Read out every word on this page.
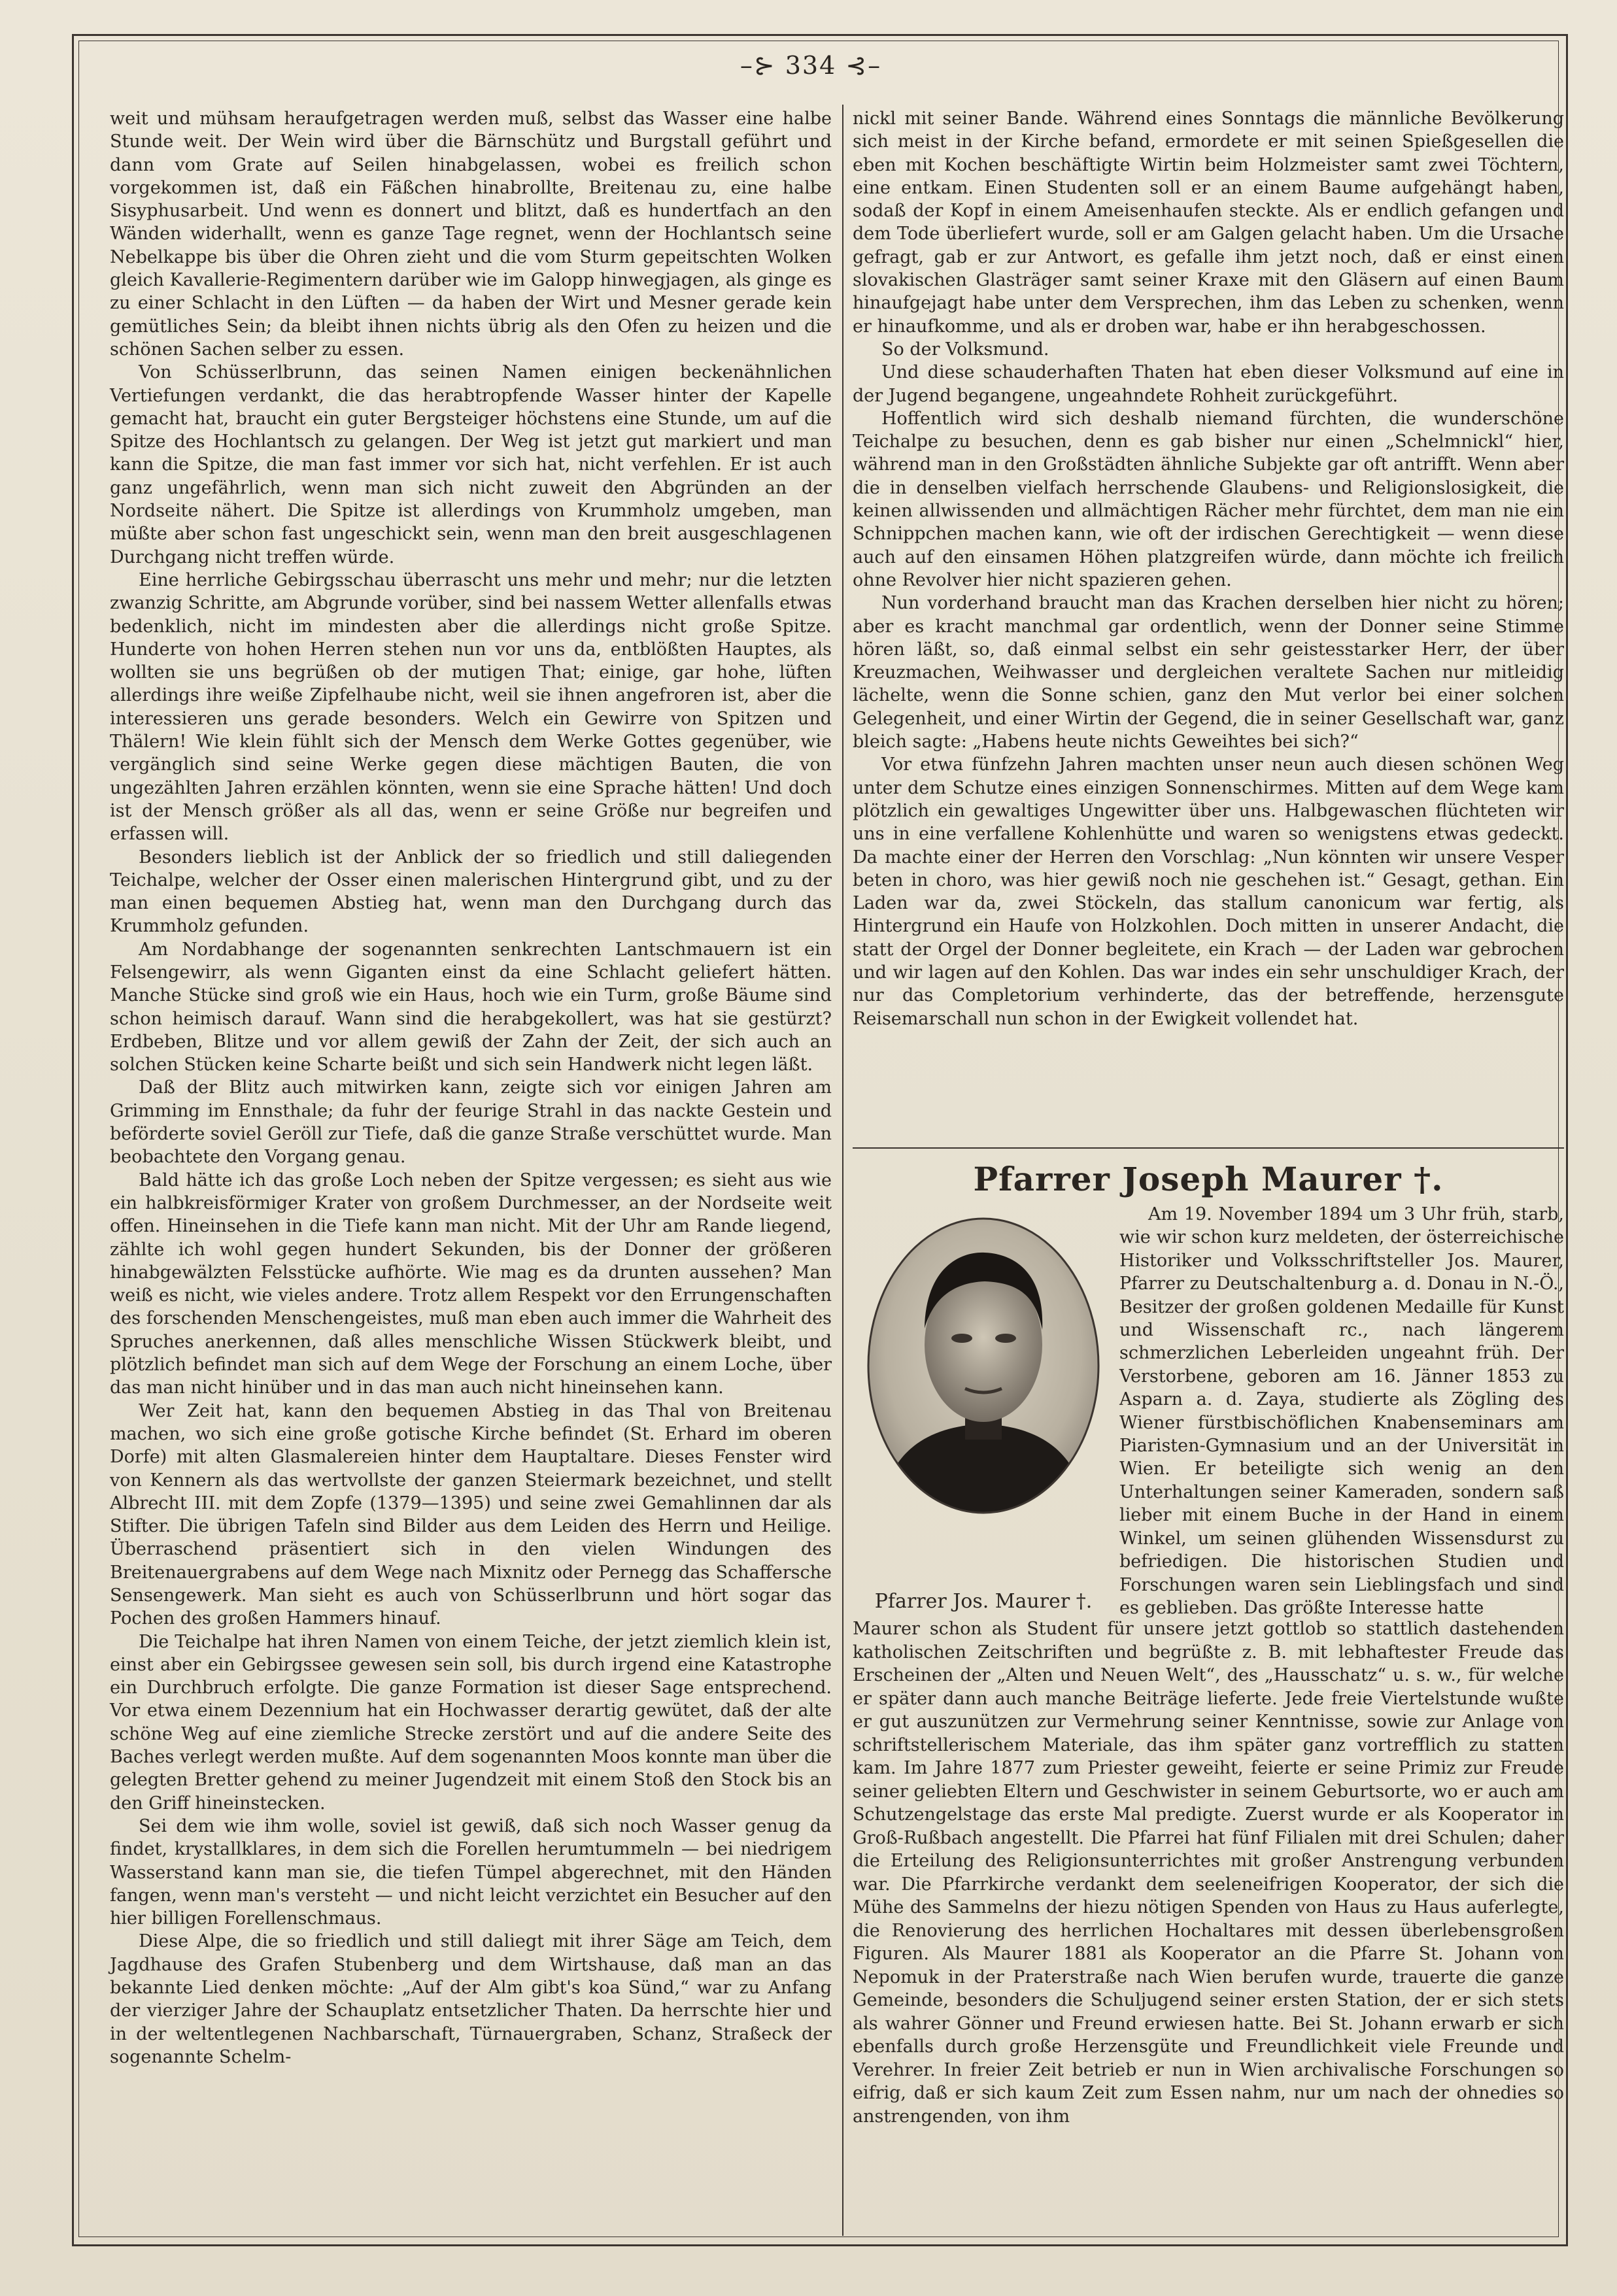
–⊱ 334 ⊰–

weit und mühsam heraufgetragen werden muß, selbst das Wasser eine halbe Stunde weit. Der Wein wird über die Bärnschütz und Burgstall geführt und dann vom Grate auf Seilen hinabgelassen, wobei es freilich schon vorgekommen ist, daß ein Fäßchen hinabrollte, Breitenau zu, eine halbe Sisyphusarbeit. Und wenn es donnert und blitzt, daß es hundertfach an den Wänden widerhallt, wenn es ganze Tage regnet, wenn der Hochlantsch seine Nebelkappe bis über die Ohren zieht und die vom Sturm gepeitschten Wolken gleich Kavallerie-Regimentern darüber wie im Galopp hinwegjagen, als ginge es zu einer Schlacht in den Lüften — da haben der Wirt und Mesner gerade kein gemütliches Sein; da bleibt ihnen nichts übrig als den Ofen zu heizen und die schönen Sachen selber zu essen.

Von Schüsserlbrunn, das seinen Namen einigen beckenähnlichen Vertiefungen verdankt, die das herabtropfende Wasser hinter der Kapelle gemacht hat, braucht ein guter Bergsteiger höchstens eine Stunde, um auf die Spitze des Hochlantsch zu gelangen. Der Weg ist jetzt gut markiert und man kann die Spitze, die man fast immer vor sich hat, nicht verfehlen. Er ist auch ganz ungefährlich, wenn man sich nicht zuweit den Abgründen an der Nordseite nähert. Die Spitze ist allerdings von Krummholz umgeben, man müßte aber schon fast ungeschickt sein, wenn man den breit ausgeschlagenen Durchgang nicht treffen würde.

Eine herrliche Gebirgsschau überrascht uns mehr und mehr; nur die letzten zwanzig Schritte, am Abgrunde vorüber, sind bei nassem Wetter allenfalls etwas bedenklich, nicht im mindesten aber die allerdings nicht große Spitze. Hunderte von hohen Herren stehen nun vor uns da, entblößten Hauptes, als wollten sie uns begrüßen ob der mutigen That; einige, gar hohe, lüften allerdings ihre weiße Zipfelhaube nicht, weil sie ihnen angefroren ist, aber die interessieren uns gerade besonders. Welch ein Gewirre von Spitzen und Thälern! Wie klein fühlt sich der Mensch dem Werke Gottes gegenüber, wie vergänglich sind seine Werke gegen diese mächtigen Bauten, die von ungezählten Jahren erzählen könnten, wenn sie eine Sprache hätten! Und doch ist der Mensch größer als all das, wenn er seine Größe nur begreifen und erfassen will.

Besonders lieblich ist der Anblick der so friedlich und still daliegenden Teichalpe, welcher der Osser einen malerischen Hintergrund gibt, und zu der man einen bequemen Abstieg hat, wenn man den Durchgang durch das Krummholz gefunden.

Am Nordabhange der sogenannten senkrechten Lantschmauern ist ein Felsengewirr, als wenn Giganten einst da eine Schlacht geliefert hätten. Manche Stücke sind groß wie ein Haus, hoch wie ein Turm, große Bäume sind schon heimisch darauf. Wann sind die herabgekollert, was hat sie gestürzt? Erdbeben, Blitze und vor allem gewiß der Zahn der Zeit, der sich auch an solchen Stücken keine Scharte beißt und sich sein Handwerk nicht legen läßt.

Daß der Blitz auch mitwirken kann, zeigte sich vor einigen Jahren am Grimming im Ennsthale; da fuhr der feurige Strahl in das nackte Gestein und beförderte soviel Geröll zur Tiefe, daß die ganze Straße verschüttet wurde. Man beobachtete den Vorgang genau.

Bald hätte ich das große Loch neben der Spitze vergessen; es sieht aus wie ein halbkreisförmiger Krater von großem Durchmesser, an der Nordseite weit offen. Hineinsehen in die Tiefe kann man nicht. Mit der Uhr am Rande liegend, zählte ich wohl gegen hundert Sekunden, bis der Donner der größeren hinabgewälzten Felsstücke aufhörte. Wie mag es da drunten aussehen? Man weiß es nicht, wie vieles andere. Trotz allem Respekt vor den Errungenschaften des forschenden Menschengeistes, muß man eben auch immer die Wahrheit des Spruches anerkennen, daß alles menschliche Wissen Stückwerk bleibt, und plötzlich befindet man sich auf dem Wege der Forschung an einem Loche, über das man nicht hinüber und in das man auch nicht hineinsehen kann.

Wer Zeit hat, kann den bequemen Abstieg in das Thal von Breitenau machen, wo sich eine große gotische Kirche befindet (St. Erhard im oberen Dorfe) mit alten Glasmalereien hinter dem Hauptaltare. Dieses Fenster wird von Kennern als das wertvollste der ganzen Steiermark bezeichnet, und stellt Albrecht III. mit dem Zopfe (1379—1395) und seine zwei Gemahlinnen dar als Stifter. Die übrigen Tafeln sind Bilder aus dem Leiden des Herrn und Heilige. Überraschend präsentiert sich in den vielen Windungen des Breitenauergrabens auf dem Wege nach Mixnitz oder Pernegg das Schaffersche Sensengewerk. Man sieht es auch von Schüsserlbrunn und hört sogar das Pochen des großen Hammers hinauf.

Die Teichalpe hat ihren Namen von einem Teiche, der jetzt ziemlich klein ist, einst aber ein Gebirgssee gewesen sein soll, bis durch irgend eine Katastrophe ein Durchbruch erfolgte. Die ganze Formation ist dieser Sage entsprechend. Vor etwa einem Dezennium hat ein Hochwasser derartig gewütet, daß der alte schöne Weg auf eine ziemliche Strecke zerstört und auf die andere Seite des Baches verlegt werden mußte. Auf dem sogenannten Moos konnte man über die gelegten Bretter gehend zu meiner Jugendzeit mit einem Stoß den Stock bis an den Griff hineinstecken.

Sei dem wie ihm wolle, soviel ist gewiß, daß sich noch Wasser genug da findet, krystallklares, in dem sich die Forellen herumtummeln — bei niedrigem Wasserstand kann man sie, die tiefen Tümpel abgerechnet, mit den Händen fangen, wenn man's versteht — und nicht leicht verzichtet ein Besucher auf den hier billigen Forellenschmaus.

Diese Alpe, die so friedlich und still daliegt mit ihrer Säge am Teich, dem Jagdhause des Grafen Stubenberg und dem Wirtshause, daß man an das bekannte Lied denken möchte: „Auf der Alm gibt's koa Sünd,“ war zu Anfang der vierziger Jahre der Schauplatz entsetzlicher Thaten. Da herrschte hier und in der weltentlegenen Nachbarschaft, Türnauergraben, Schanz, Straßeck der sogenannte Schelm-

nickl mit seiner Bande. Während eines Sonntags die männliche Bevölkerung sich meist in der Kirche befand, ermordete er mit seinen Spießgesellen die eben mit Kochen beschäftigte Wirtin beim Holzmeister samt zwei Töchtern, eine entkam. Einen Studenten soll er an einem Baume aufgehängt haben, sodaß der Kopf in einem Ameisenhaufen steckte. Als er endlich gefangen und dem Tode überliefert wurde, soll er am Galgen gelacht haben. Um die Ursache gefragt, gab er zur Antwort, es gefalle ihm jetzt noch, daß er einst einen slovakischen Glasträger samt seiner Kraxe mit den Gläsern auf einen Baum hinaufgejagt habe unter dem Versprechen, ihm das Leben zu schenken, wenn er hinaufkomme, und als er droben war, habe er ihn herabgeschossen.

So der Volksmund.

Und diese schauderhaften Thaten hat eben dieser Volksmund auf eine in der Jugend begangene, ungeahndete Rohheit zurückgeführt.

Hoffentlich wird sich deshalb niemand fürchten, die wunderschöne Teichalpe zu besuchen, denn es gab bisher nur einen „Schelmnickl“ hier, während man in den Großstädten ähnliche Subjekte gar oft antrifft. Wenn aber die in denselben vielfach herrschende Glaubens- und Religionslosigkeit, die keinen allwissenden und allmächtigen Rächer mehr fürchtet, dem man nie ein Schnippchen machen kann, wie oft der irdischen Gerechtigkeit — wenn diese auch auf den einsamen Höhen platzgreifen würde, dann möchte ich freilich ohne Revolver hier nicht spazieren gehen.

Nun vorderhand braucht man das Krachen derselben hier nicht zu hören; aber es kracht manchmal gar ordentlich, wenn der Donner seine Stimme hören läßt, so, daß einmal selbst ein sehr geistesstarker Herr, der über Kreuzmachen, Weihwasser und dergleichen veraltete Sachen nur mitleidig lächelte, wenn die Sonne schien, ganz den Mut verlor bei einer solchen Gelegenheit, und einer Wirtin der Gegend, die in seiner Gesellschaft war, ganz bleich sagte: „Habens heute nichts Geweihtes bei sich?“

Vor etwa fünfzehn Jahren machten unser neun auch diesen schönen Weg unter dem Schutze eines einzigen Sonnenschirmes. Mitten auf dem Wege kam plötzlich ein gewaltiges Ungewitter über uns. Halbgewaschen flüchteten wir uns in eine verfallene Kohlenhütte und waren so wenigstens etwas gedeckt. Da machte einer der Herren den Vorschlag: „Nun könnten wir unsere Vesper beten in choro, was hier gewiß noch nie geschehen ist.“ Gesagt, gethan. Ein Laden war da, zwei Stöckeln, das stallum canonicum war fertig, als Hintergrund ein Haufe von Holzkohlen. Doch mitten in unserer Andacht, die statt der Orgel der Donner begleitete, ein Krach — der Laden war gebrochen und wir lagen auf den Kohlen. Das war indes ein sehr unschuldiger Krach, der nur das Completorium verhinderte, das der betreffende, herzensgute Reisemarschall nun schon in der Ewigkeit vollendet hat.

Pfarrer Joseph Maurer †.
Pfarrer Jos. Maurer †.

Am 19. November 1894 um 3 Uhr früh, starb, wie wir schon kurz meldeten, der österreichische Historiker und Volksschriftsteller Jos. Maurer, Pfarrer zu Deutschaltenburg a. d. Donau in N.-Ö., Besitzer der großen goldenen Medaille für Kunst und Wissenschaft rc., nach längerem schmerzlichen Leberleiden ungeahnt früh. Der Verstorbene, geboren am 16. Jänner 1853 zu Asparn a. d. Zaya, studierte als Zögling des Wiener fürstbischöflichen Knabenseminars am Piaristen-Gymnasium und an der Universität in Wien. Er beteiligte sich wenig an den Unterhaltungen seiner Kameraden, sondern saß lieber mit einem Buche in der Hand in einem Winkel, um seinen glühenden Wissensdurst zu befriedigen. Die historischen Studien und Forschungen waren sein Lieblingsfach und sind es geblieben. Das größte Interesse hatte

Maurer schon als Student für unsere jetzt gottlob so stattlich dastehenden katholischen Zeitschriften und begrüßte z. B. mit lebhaftester Freude das Erscheinen der „Alten und Neuen Welt“, des „Hausschatz“ u. s. w., für welche er später dann auch manche Beiträge lieferte. Jede freie Viertelstunde wußte er gut auszunützen zur Vermehrung seiner Kenntnisse, sowie zur Anlage von schriftstellerischem Materiale, das ihm später ganz vortrefflich zu statten kam. Im Jahre 1877 zum Priester geweiht, feierte er seine Primiz zur Freude seiner geliebten Eltern und Geschwister in seinem Geburtsorte, wo er auch am Schutzengelstage das erste Mal predigte. Zuerst wurde er als Kooperator in Groß-Rußbach angestellt. Die Pfarrei hat fünf Filialen mit drei Schulen; daher die Erteilung des Religionsunterrichtes mit großer Anstrengung verbunden war. Die Pfarrkirche verdankt dem seeleneifrigen Kooperator, der sich die Mühe des Sammelns der hiezu nötigen Spenden von Haus zu Haus auferlegte, die Renovierung des herrlichen Hochaltares mit dessen überlebensgroßen Figuren. Als Maurer 1881 als Kooperator an die Pfarre St. Johann von Nepomuk in der Praterstraße nach Wien berufen wurde, trauerte die ganze Gemeinde, besonders die Schuljugend seiner ersten Station, der er sich stets als wahrer Gönner und Freund erwiesen hatte. Bei St. Johann erwarb er sich ebenfalls durch große Herzensgüte und Freundlichkeit viele Freunde und Verehrer. In freier Zeit betrieb er nun in Wien archivalische Forschungen so eifrig, daß er sich kaum Zeit zum Essen nahm, nur um nach der ohnedies so anstrengenden, von ihm
